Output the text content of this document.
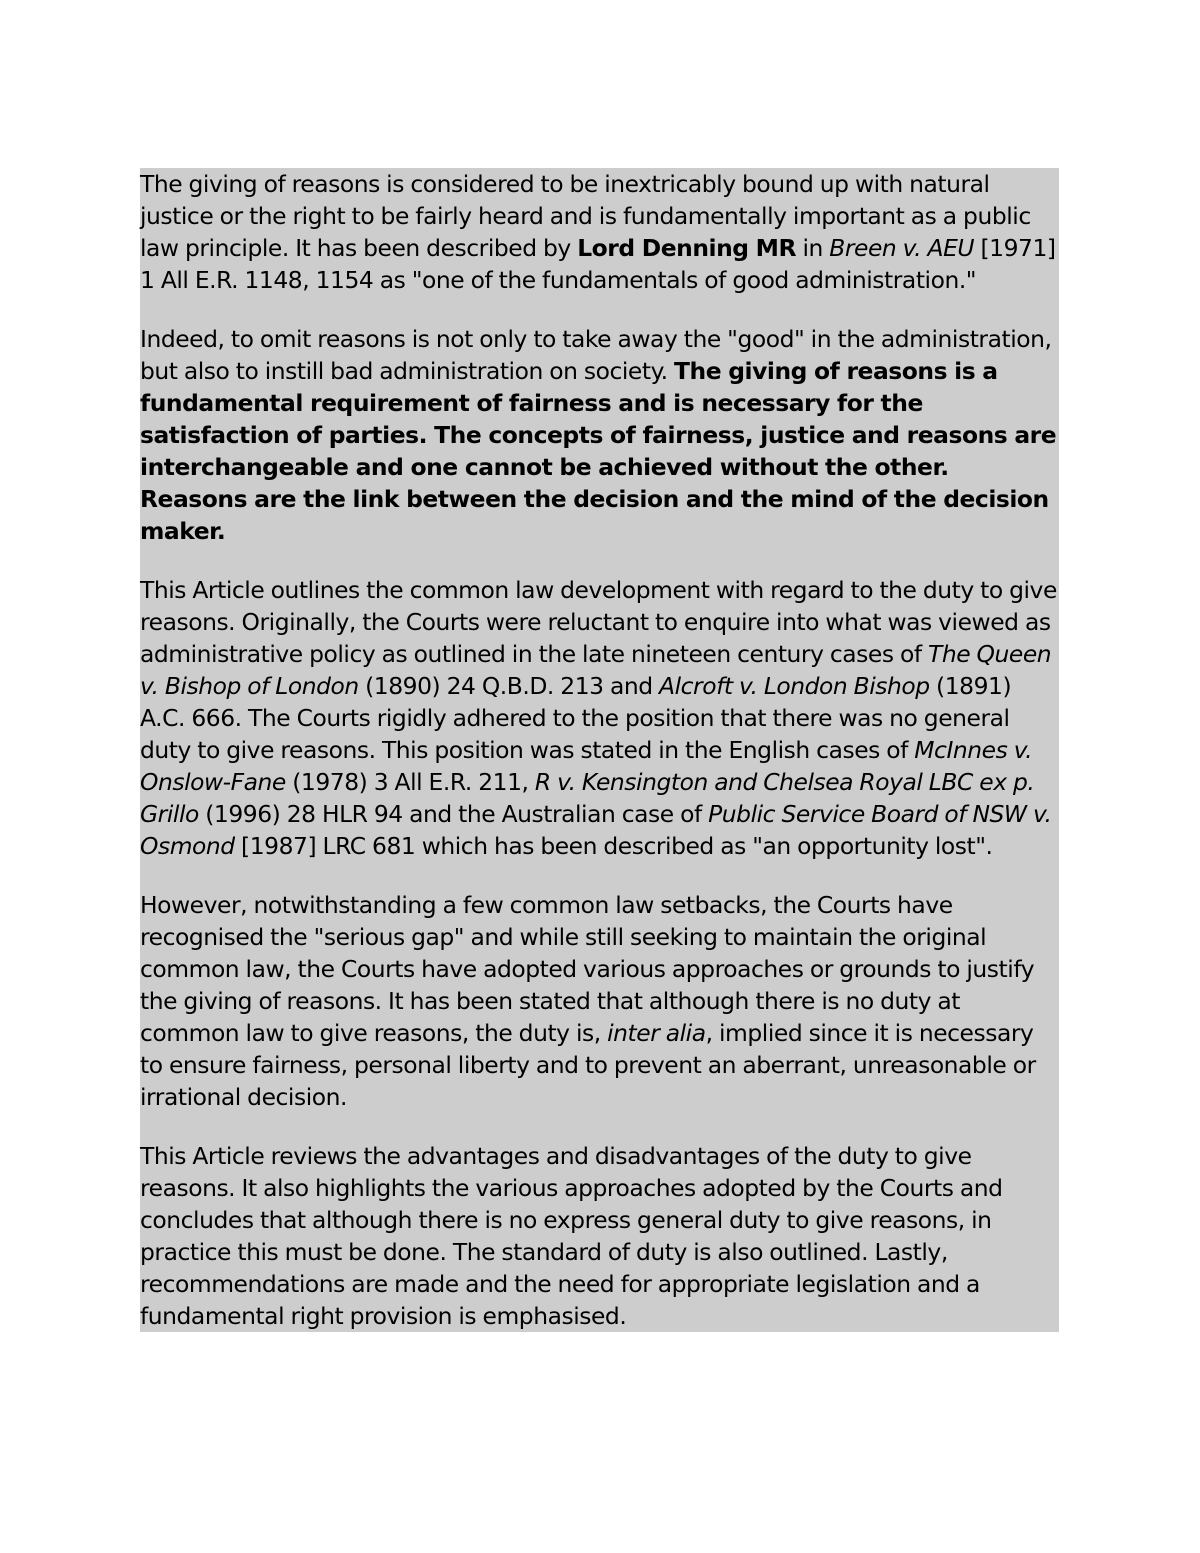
The giving of reasons is considered to be inextricably bound up with natural justice or the right to be fairly heard and is fundamentally important as a public law principle. It has been described by Lord Denning MR in Breen v. AEU [1971] 1 All E.R. 1148, 1154 as "one of the fundamentals of good administration."

Indeed, to omit reasons is not only to take away the "good" in the administration, but also to instill bad administration on society. The giving of reasons is a fundamental requirement of fairness and is necessary for the satisfaction of parties. The concepts of fairness, justice and reasons are interchangeable and one cannot be achieved without the other. Reasons are the link between the decision and the mind of the decision maker.

This Article outlines the common law development with regard to the duty to give reasons. Originally, the Courts were reluctant to enquire into what was viewed as administrative policy as outlined in the late nineteen century cases of The Queen v. Bishop of London (1890) 24 Q.B.D. 213 and Alcroft v. London Bishop (1891) A.C. 666. The Courts rigidly adhered to the position that there was no general duty to give reasons. This position was stated in the English cases of McInnes v. Onslow-Fane (1978) 3 All E.R. 211, R v. Kensington and Chelsea Royal LBC ex p. Grillo (1996) 28 HLR 94 and the Australian case of Public Service Board of NSW v. Osmond [1987] LRC 681 which has been described as "an opportunity lost".

However, notwithstanding a few common law setbacks, the Courts have recognised the "serious gap" and while still seeking to maintain the original common law, the Courts have adopted various approaches or grounds to justify the giving of reasons. It has been stated that although there is no duty at common law to give reasons, the duty is, inter alia, implied since it is necessary to ensure fairness, personal liberty and to prevent an aberrant, unreasonable or irrational decision.

This Article reviews the advantages and disadvantages of the duty to give reasons. It also highlights the various approaches adopted by the Courts and concludes that although there is no express general duty to give reasons, in practice this must be done. The standard of duty is also outlined. Lastly, recommendations are made and the need for appropriate legislation and a fundamental right provision is emphasised.
